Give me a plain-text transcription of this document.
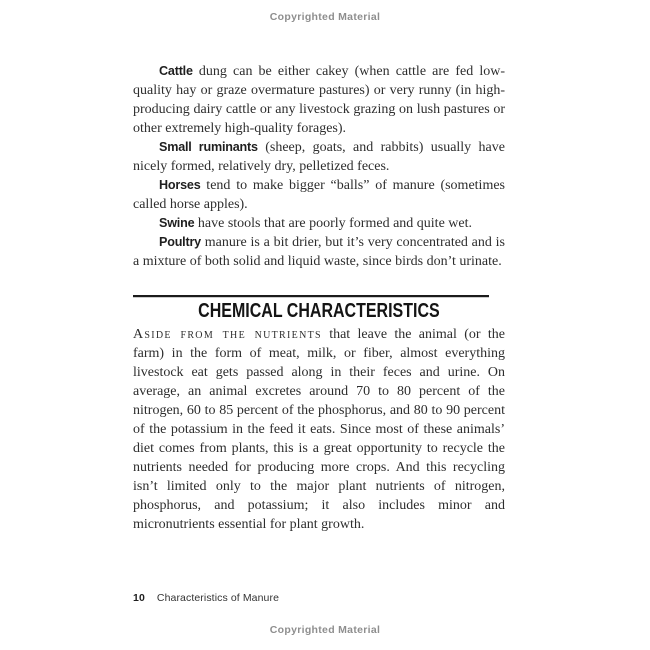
Copyrighted Material

Cattle dung can be either cakey (when cattle are fed low-quality hay or graze overmature pastures) or very runny (in high-producing dairy cattle or any livestock grazing on lush pastures or other extremely high-quality forages).

Small ruminants (sheep, goats, and rabbits) usually have nicely formed, relatively dry, pelletized feces.

Horses tend to make bigger “balls” of manure (sometimes called horse apples).

Swine have stools that are poorly formed and quite wet.

Poultry manure is a bit drier, but it’s very concentrated and is a mixture of both solid and liquid waste, since birds don’t urinate.

CHEMICAL CHARACTERISTICS

Aside from the nutrients that leave the animal (or the farm) in the form of meat, milk, or fiber, almost everything livestock eat gets passed along in their feces and urine. On average, an animal excretes around 70 to 80 percent of the nitrogen, 60 to 85 percent of the phosphorus, and 80 to 90 percent of the potassium in the feed it eats. Since most of these animals’ diet comes from plants, this is a great opportunity to recycle the nutrients needed for producing more crops. And this recycling isn’t limited only to the major plant nutrients of nitrogen, phosphorus, and potassium; it also includes minor and micronutrients essential for plant growth.

10 Characteristics of Manure
Copyrighted Material
